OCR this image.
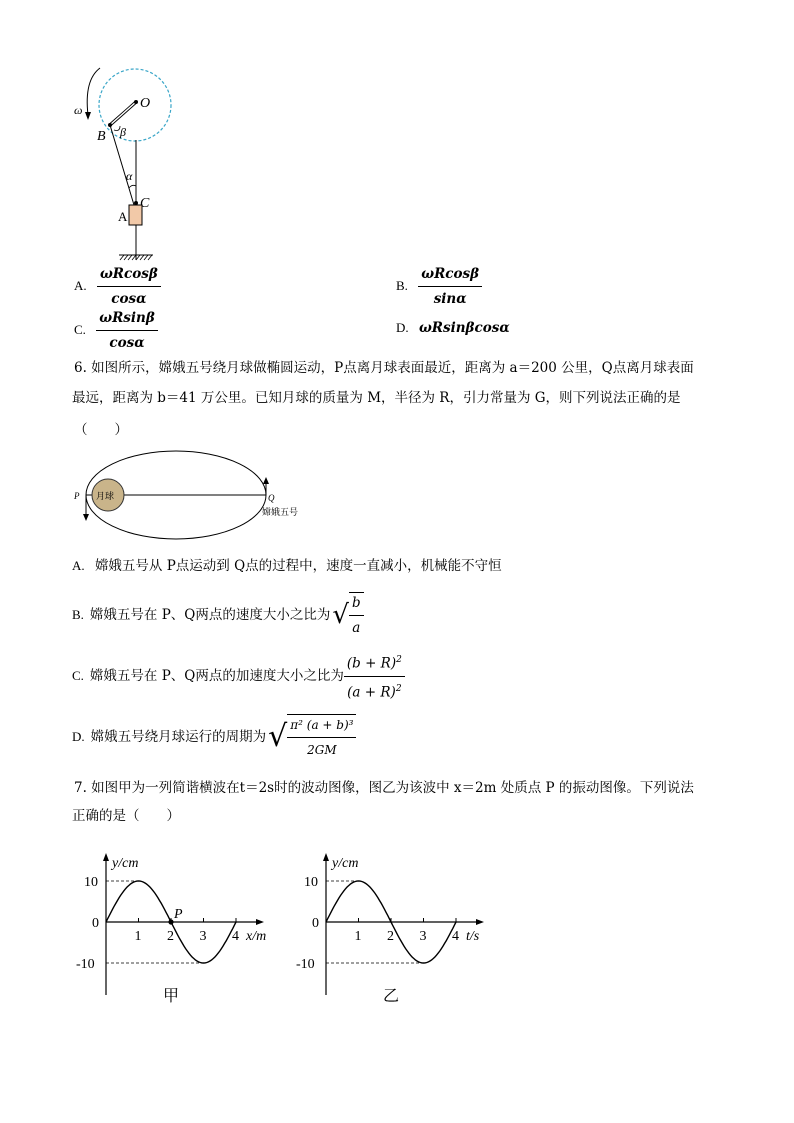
ω	O
B β
α
C
A
A. $\frac{\omega Rcos\beta}{\cos\alpha}$	B. $\frac{\omega Rcos\beta}{\sin\alpha}$
C. $\frac{\omega Rsin\beta}{\cos\alpha}$	D. ωRsinβcosα
6. 如图所示，嫦娥五号绕月球做椭圆运动，P点离月球表面最近，距离为 a＝200 公里，Q点离月球表面
最远，距离为 b＝41 万公里。已知月球的质量为 M，半径为 R，引力常量为 G，则下列说法正确的是
（　　）
月球
P	Q
嫦娥五号
A. 嫦娥五号从 P点运动到 Q点的过程中，速度一直减小，机械能不守恒
B. 嫦娥五号在 P、Q两点的速度大小之比为 √ $\frac{b}{a}$
C. 嫦娥五号在 P、Q两点的加速度大小之比为 $\frac{(b + R)^2}{(a + R)^2}$
D. 嫦娥五号绕月球运行的周期为 √ $\frac{\text{π² (a + b)³}}{2GM}$
7. 如图甲为一列简谐横波在t＝2s时的波动图像，图乙为该波中 x＝2m 处质点 P 的振动图像。下列说法
正确的是（　　）
1 2 3 4
10
0
-10
y/cm
x/m
P
甲
1 2 3 4
10
0
-10
y/cm
t/s
乙
